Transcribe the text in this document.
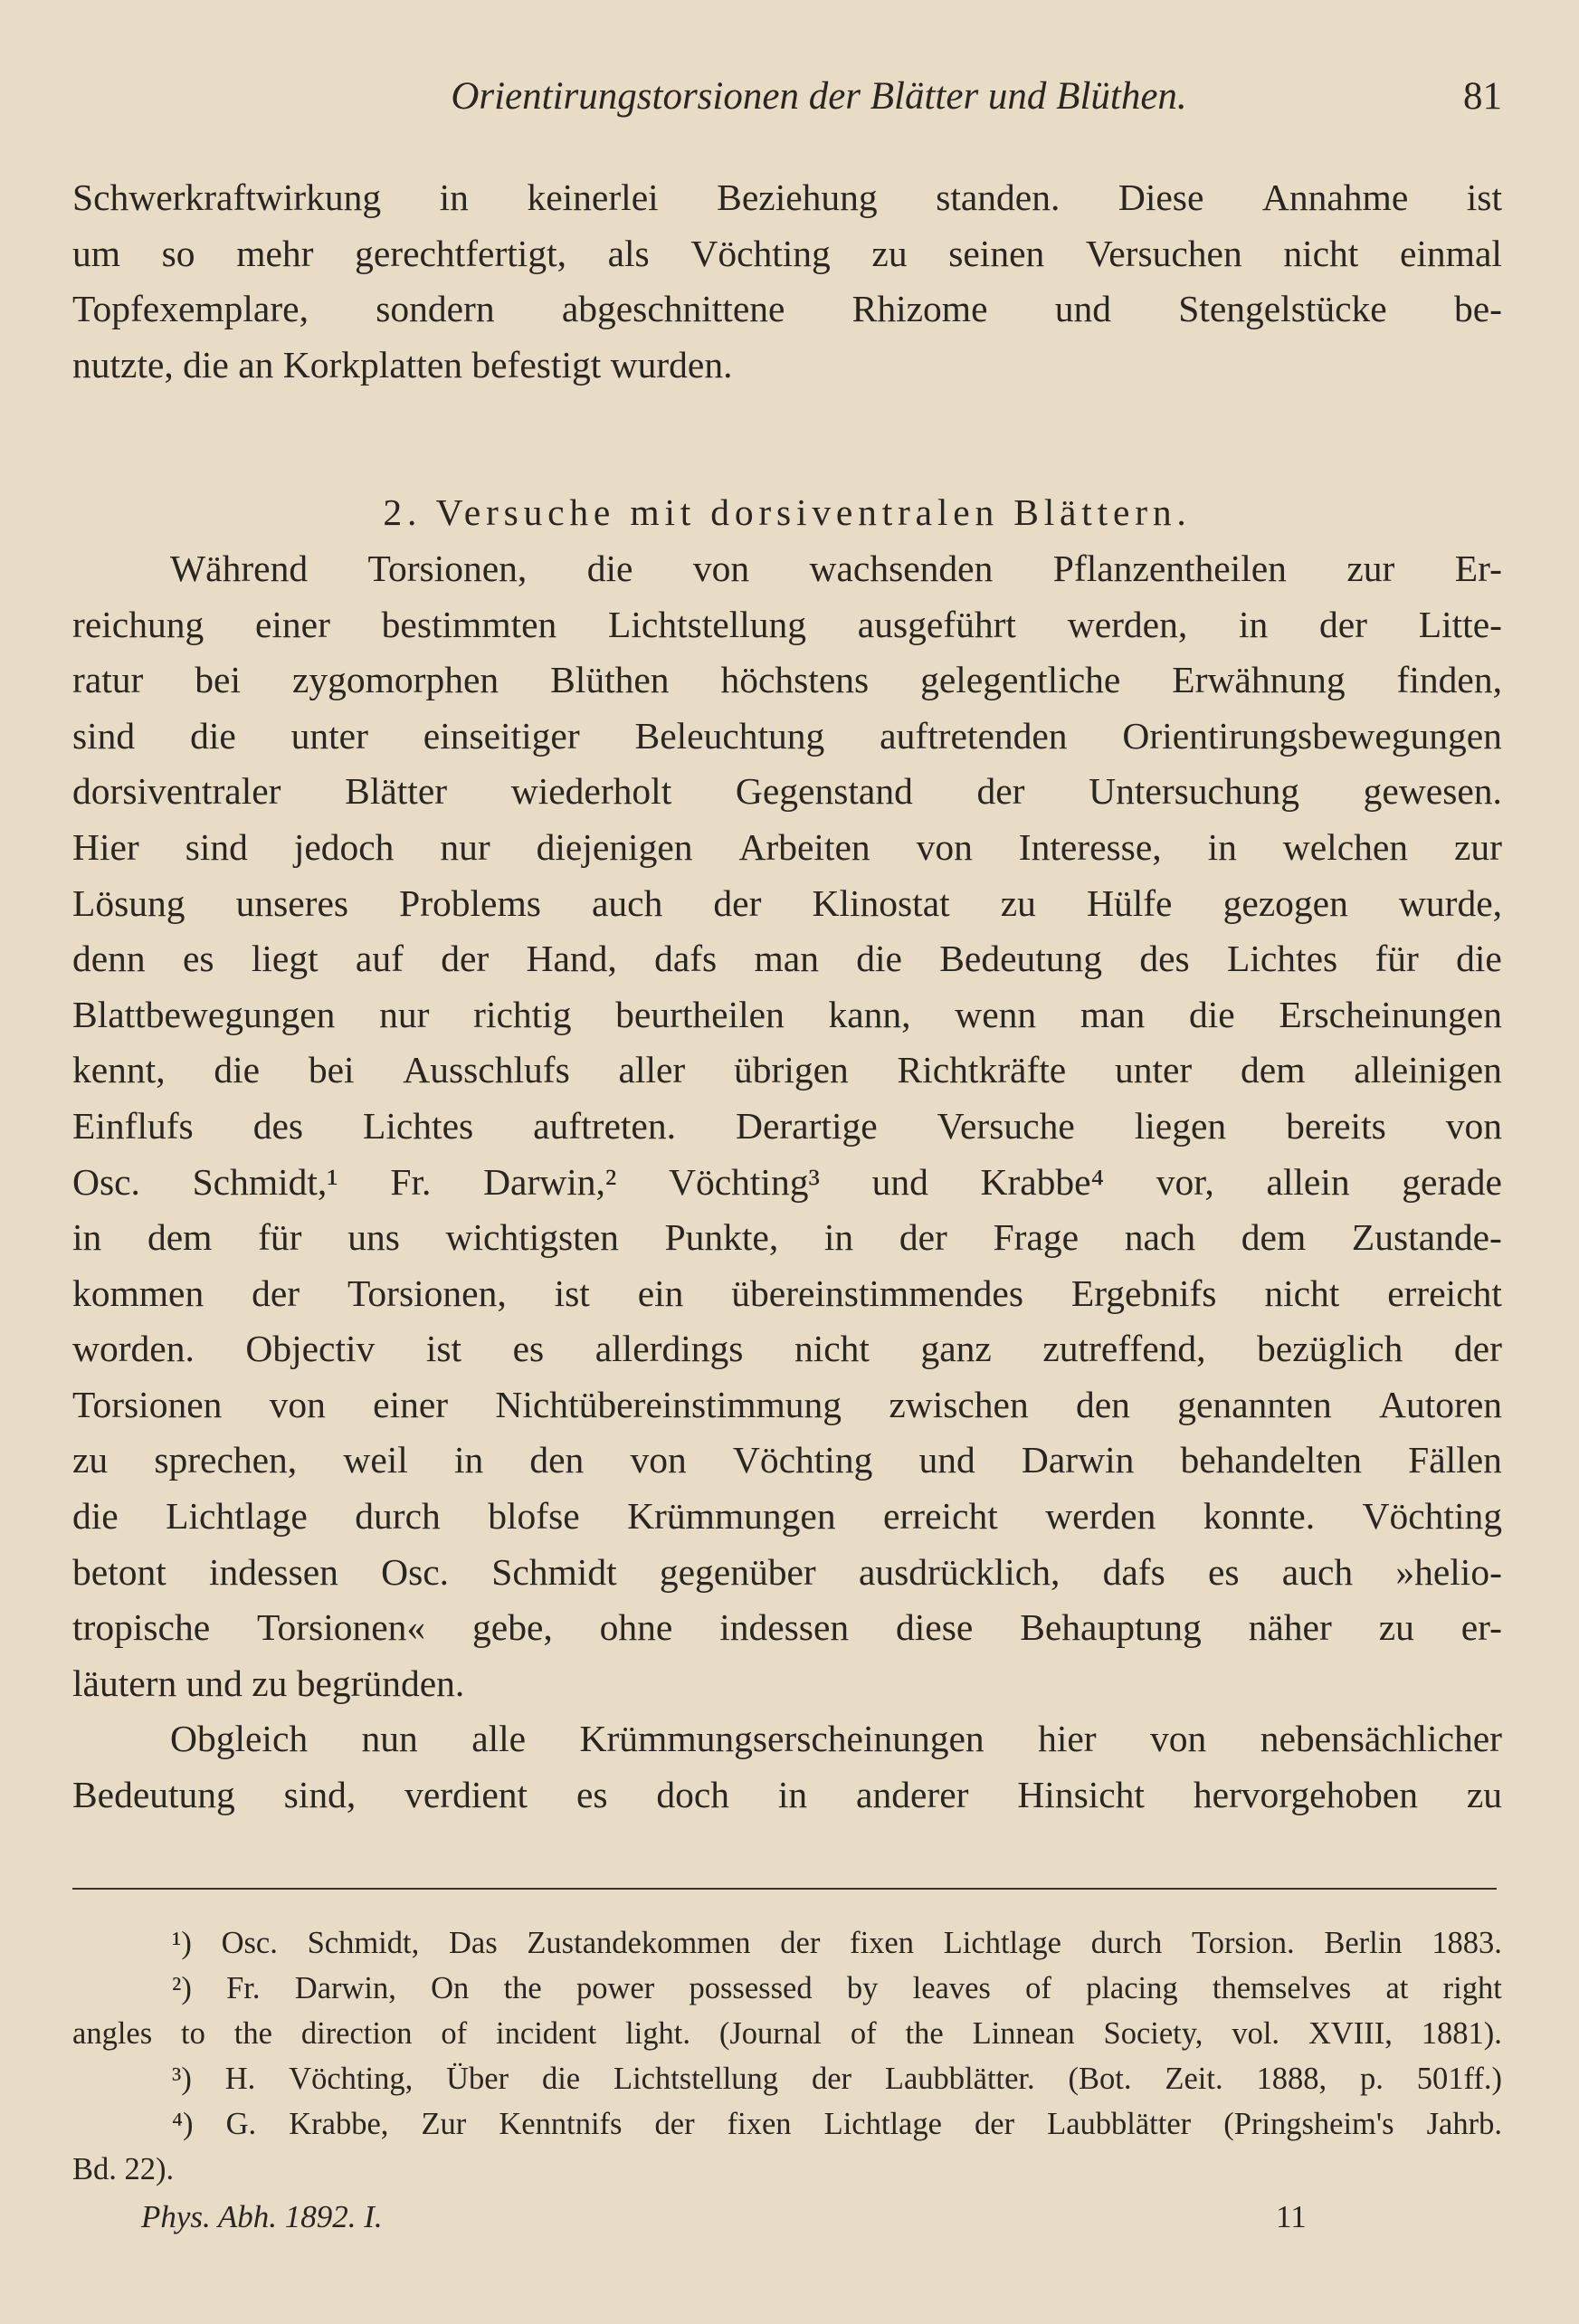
Orientirungstorsionen der Blätter und Blüthen.	81
Schwerkraftwirkung in keinerlei Beziehung standen. Diese Annahme ist
um so mehr gerechtfertigt, als Vöchting zu seinen Versuchen nicht einmal
Topfexemplare, sondern abgeschnittene Rhizome und Stengelstücke be-
nutzte, die an Korkplatten befestigt wurden.
2. Versuche mit dorsiventralen Blättern.
Während Torsionen, die von wachsenden Pflanzentheilen zur Er-
reichung einer bestimmten Lichtstellung ausgeführt werden, in der Litte-
ratur bei zygomorphen Blüthen höchstens gelegentliche Erwähnung finden,
sind die unter einseitiger Beleuchtung auftretenden Orientirungsbewegungen
dorsiventraler Blätter wiederholt Gegenstand der Untersuchung gewesen.
Hier sind jedoch nur diejenigen Arbeiten von Interesse, in welchen zur
Lösung unseres Problems auch der Klinostat zu Hülfe gezogen wurde,
denn es liegt auf der Hand, dafs man die Bedeutung des Lichtes für die
Blattbewegungen nur richtig beurtheilen kann, wenn man die Erscheinungen
kennt, die bei Ausschlufs aller übrigen Richtkräfte unter dem alleinigen
Einflufs des Lichtes auftreten. Derartige Versuche liegen bereits von
Osc. Schmidt,¹ Fr. Darwin,² Vöchting³ und Krabbe⁴ vor, allein gerade
in dem für uns wichtigsten Punkte, in der Frage nach dem Zustande-
kommen der Torsionen, ist ein übereinstimmendes Ergebnifs nicht erreicht
worden. Objectiv ist es allerdings nicht ganz zutreffend, bezüglich der
Torsionen von einer Nichtübereinstimmung zwischen den genannten Autoren
zu sprechen, weil in den von Vöchting und Darwin behandelten Fällen
die Lichtlage durch blofse Krümmungen erreicht werden konnte. Vöchting
betont indessen Osc. Schmidt gegenüber ausdrücklich, dafs es auch »helio-
tropische Torsionen« gebe, ohne indessen diese Behauptung näher zu er-
läutern und zu begründen.
Obgleich nun alle Krümmungserscheinungen hier von nebensächlicher
Bedeutung sind, verdient es doch in anderer Hinsicht hervorgehoben zu
¹) Osc. Schmidt, Das Zustandekommen der fixen Lichtlage durch Torsion. Berlin 1883.
²) Fr. Darwin, On the power possessed by leaves of placing themselves at right
angles to the direction of incident light. (Journal of the Linnean Society, vol. XVIII, 1881).
³) H. Vöchting, Über die Lichtstellung der Laubblätter. (Bot. Zeit. 1888, p. 501ff.)
⁴) G. Krabbe, Zur Kenntnifs der fixen Lichtlage der Laubblätter (Pringsheim's Jahrb.
Bd. 22).
Phys. Abh. 1892. I.	11
